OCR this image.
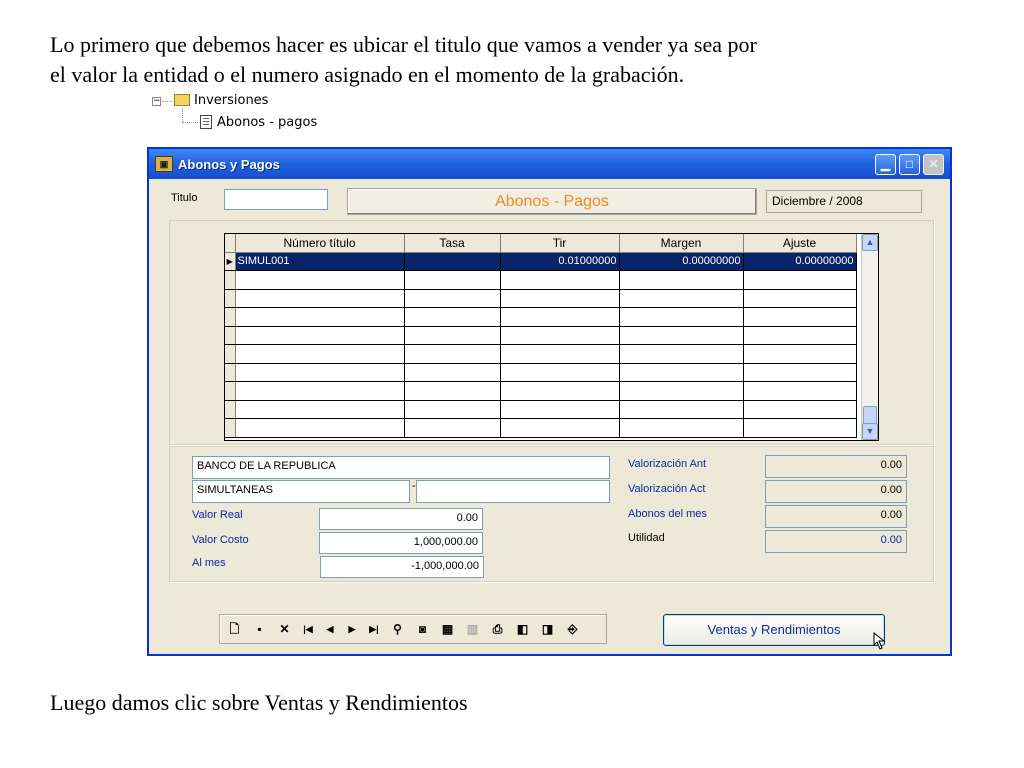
Lo primero que debemos hacer es ubicar el titulo que vamos a vender ya sea por
el valor la entidad o el numero asignado en el momento de la grabación.
−	Inversiones
Abonos - pagos
▣ Abonos y Pagos	▁	□	✕
Titulo	Abonos - Pagos	Diciembre / 2008
	Número título	Tasa	Tir	Margen	Ajuste
▶	SIMUL001		0.01000000	0.00000000	0.00000000

▲
▼
BANCO DE LA REPUBLICA
SIMULTANEAS	-
Valor Real	0.00
Valor Costo	1,000,000.00
Al mes	-1,000,000.00
Valorización Ant	0.00
Valorización Act	0.00
Abonos del mes	0.00
Utilidad	0.00
🗋	▪	✕	|◀	◀	▶	▶|	⚲	◙	▦	▥	⎙	◧	◨	⎆	Ventas y Rendimientos
Luego damos clic sobre Ventas y Rendimientos
